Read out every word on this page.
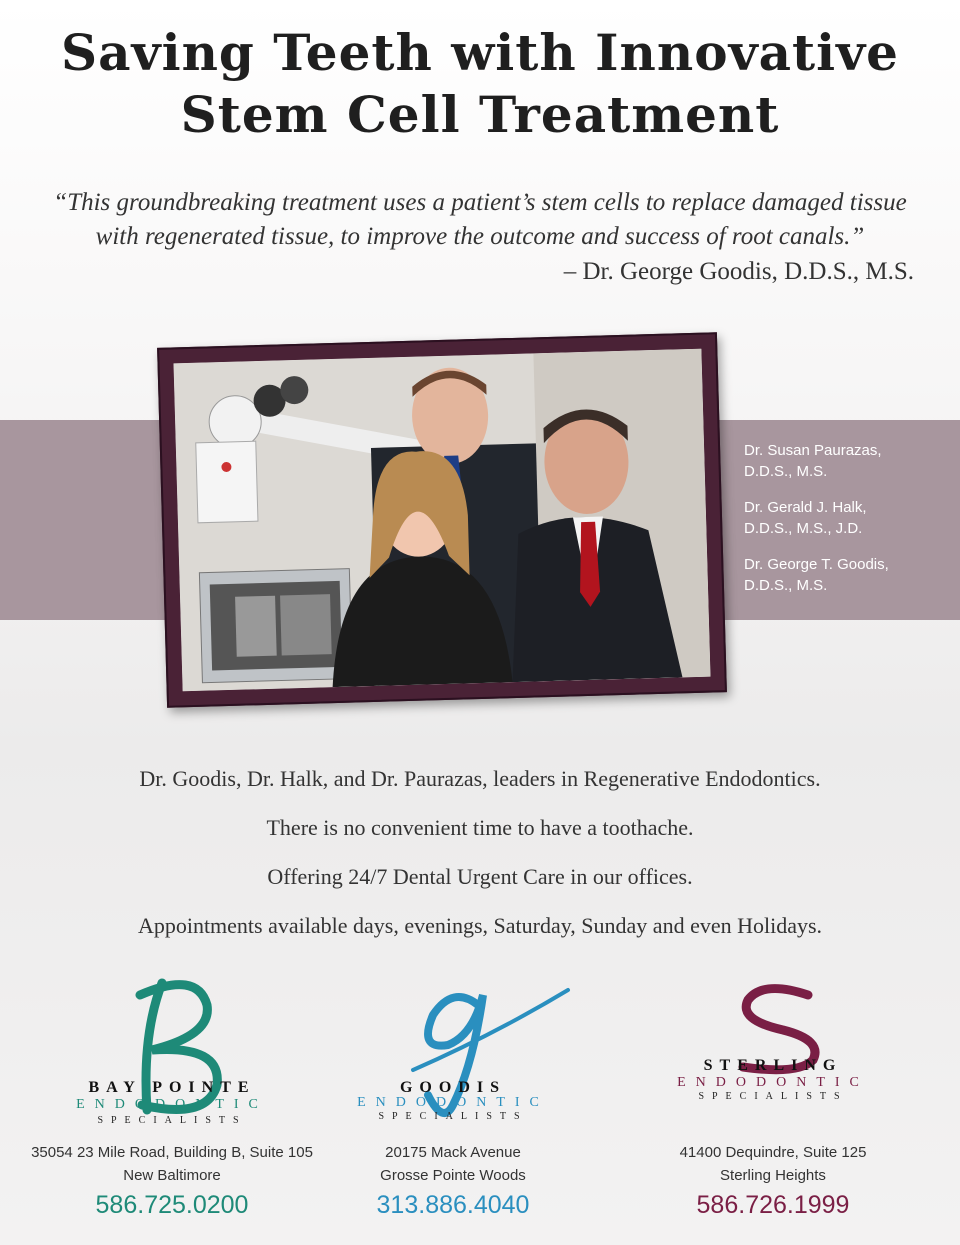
Saving Teeth with Innovative
Stem Cell Treatment
“This groundbreaking treatment uses a patient’s stem cells to replace damaged tissue
with regenerated tissue, to improve the outcome and success of root canals.”
– Dr. George Goodis, D.D.S., M.S.
Dr. Susan Paurazas,
D.D.S., M.S.
Dr. Gerald J. Halk,
D.D.S., M.S., J.D.
Dr. George T. Goodis,
D.D.S., M.S.
Dr. Goodis, Dr. Halk, and Dr. Paurazas, leaders in Regenerative Endodontics.
There is no convenient time to have a toothache.
Offering 24/7 Dental Urgent Care in our offices.
Appointments available days, evenings, Saturday, Sunday and even Holidays.
BAY POINTE
ENDODONTIC
SPECIALISTS
35054 23 Mile Road, Building B, Suite 105
New Baltimore
586.725.0200
GOODIS
ENDODONTIC
SPECIALISTS
20175 Mack Avenue
Grosse Pointe Woods
313.886.4040
STERLING
ENDODONTIC
SPECIALISTS
41400 Dequindre, Suite 125
Sterling Heights
586.726.1999
